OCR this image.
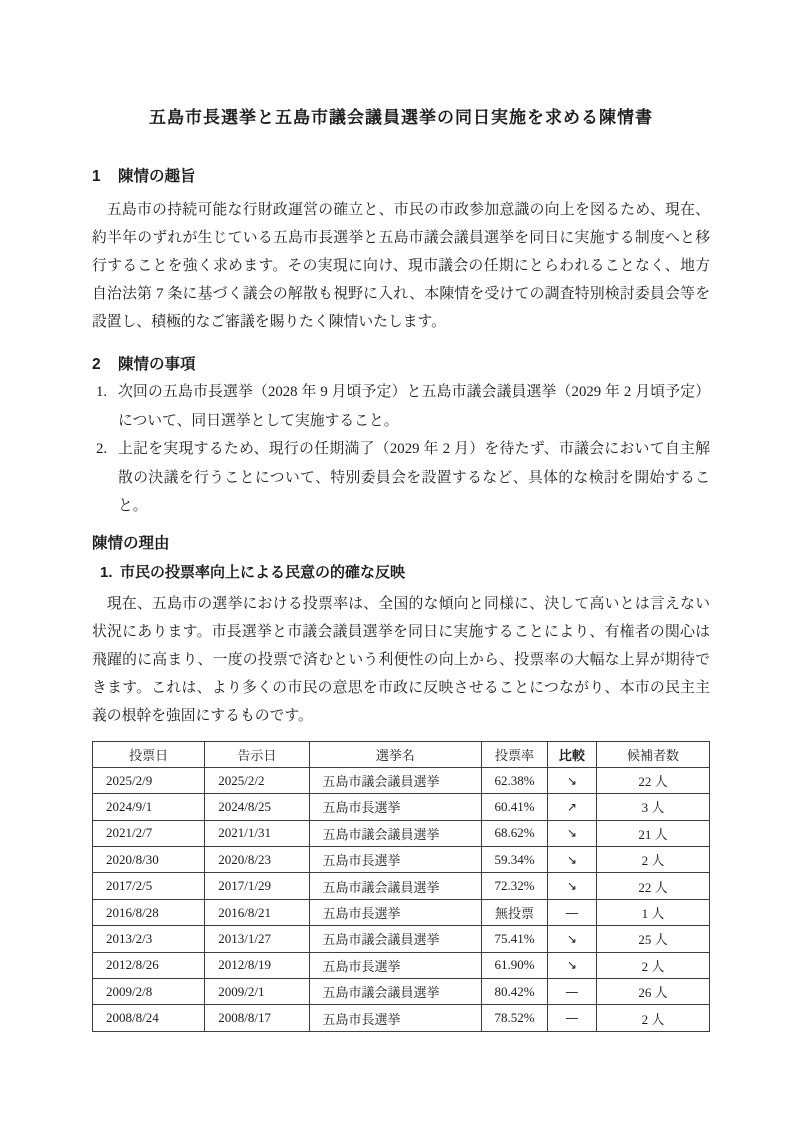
五島市長選挙と五島市議会議員選挙の同日実施を求める陳情書
1 陳情の趣旨

五島市の持続可能な行財政運営の確立と、市民の市政参加意識の向上を図るため、現在、約半年のずれが生じている五島市長選挙と五島市議会議員選挙を同日に実施する制度へと移行することを強く求めます。その実現に向け、現市議会の任期にとらわれることなく、地方自治法第 7 条に基づく議会の解散も視野に入れ、本陳情を受けての調査特別検討委員会等を設置し、積極的なご審議を賜りたく陳情いたします。

2 陳情の事項
1. 次回の五島市長選挙（2028 年 9 月頃予定）と五島市議会議員選挙（2029 年 2 月頃予定）について、同日選挙として実施すること。
2. 上記を実現するため、現行の任期満了（2029 年 2 月）を待たず、市議会において自主解散の決議を行うことについて、特別委員会を設置するなど、具体的な検討を開始すること。
陳情の理由
1. 市民の投票率向上による民意の的確な反映

現在、五島市の選挙における投票率は、全国的な傾向と同様に、決して高いとは言えない状況にあります。市長選挙と市議会議員選挙を同日に実施することにより、有権者の関心は飛躍的に高まり、一度の投票で済むという利便性の向上から、投票率の大幅な上昇が期待できます。これは、より多くの市民の意思を市政に反映させることにつながり、本市の民主主義の根幹を強固にするものです。

投票日	告示日	選挙名	投票率	比較	候補者数
2025/2/9	2025/2/2	五島市議会議員選挙	62.38%	↘	22 人
2024/9/1	2024/8/25	五島市長選挙	60.41%	↗	3 人
2021/2/7	2021/1/31	五島市議会議員選挙	68.62%	↘	21 人
2020/8/30	2020/8/23	五島市長選挙	59.34%	↘	2 人
2017/2/5	2017/1/29	五島市議会議員選挙	72.32%	↘	22 人
2016/8/28	2016/8/21	五島市長選挙	無投票	―	1 人
2013/2/3	2013/1/27	五島市議会議員選挙	75.41%	↘	25 人
2012/8/26	2012/8/19	五島市長選挙	61.90%	↘	2 人
2009/2/8	2009/2/1	五島市議会議員選挙	80.42%	―	26 人
2008/8/24	2008/8/17	五島市長選挙	78.52%	―	2 人
